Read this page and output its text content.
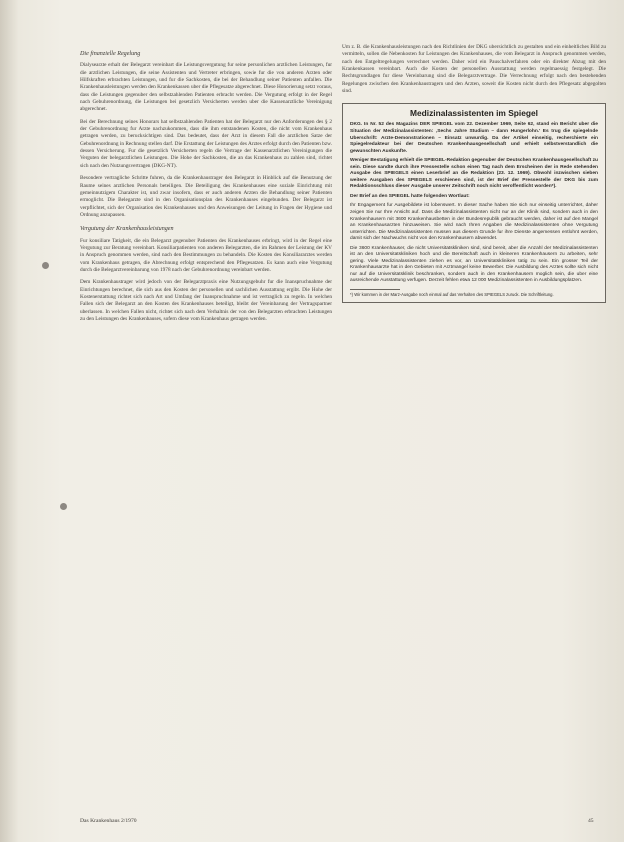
Die finanzielle Regelung

Dialysearzte erhalt der Belegarzt vereinbart die Leistungsvergutung fur seine personlichen arztlichen Leistungen, fur die arztlichen Leistungen, die seine Assistenten und Vertreter erbringen, sowie fur die von anderen Arzten oder Hilfskraften erbrachten Leistungen, und fur die Sachkosten, die bei der Behandlung seiner Patienten anfallen. Die Krankenhausleistungen werden den Krankenkassen uber die Pflegesatze abgerechnet. Diese Honorierung setzt voraus, dass die Leistungen gegenuber den selbstzahlenden Patienten erbracht werden. Die Vergutung erfolgt in der Regel nach Gebuhrenordnung, die Leistungen bei gesetzlich Versicherten werden uber die Kassenarztliche Vereinigung abgerechnet.

Bei der Berechnung seines Honorars hat selbstzahlenden Patienten hat der Belegarzt nur den Anforderungen des § 2 der Gebuhrenordnung fur Arzte nachzukommen, dass die ihm entstandenen Kosten, die nicht vom Krankenhaus getragen werden, zu berucksichtigen sind. Das bedeutet, dass der Arzt in diesem Fall die arztlichen Satze der Gebuhrenordnung in Rechnung stellen darf. Die Erstattung der Leistungen des Arztes erfolgt durch den Patienten bzw. dessen Versicherung. Fur die gesetzlich Versicherten regeln die Vertrage der Kassenarztlichen Vereinigungen die Verguten der belegarztlichen Leistungen. Die Hohe der Sachkosten, die an das Krankenhaus zu zahlen sind, richtet sich nach den Nutzungsvertragen (DKG-NT).

Besondere vertragliche Schritte fuhren, da die Krankenhaustrager den Belegarzt in Hinblick auf die Benutzung der Raume seines arztlichen Personals beteiligen. Die Beteiligung des Krankenhauses eine soziale Einrichtung mit gemeinnutzigem Charakter ist, und zwar insofern, dass er auch anderen Arzten die Behandlung seiner Patienten ermoglicht. Die Belegarzte sind in den Organisationsplan des Krankenhauses eingebunden. Der Belegarzt ist verpflichtet, sich der Organisation des Krankenhauses und den Anweisungen der Leitung in Fragen der Hygiene und Ordnung anzupassen.

Vergutung der Krankenhausleistungen

Fur konsiliare Tatigkeit, die ein Belegarzt gegenuber Patienten des Krankenhauses erbringt, wird in der Regel eine Vergutung zur Beratung vereinbart. Konsiliarpatienten von anderen Belegarzten, die im Rahmen der Leistung der KV in Anspruch genommen werden, sind nach den Bestimmungen zu behandeln. Die Kosten des Konsiliararztes werden vom Krankenhaus getragen, die Abrechnung erfolgt entsprechend den Pflegesatzen. Es kann auch eine Vergutung durch die Belegarztvereinbarung von 1978 nach der Gebuhrenordnung vereinbart werden.

Dem Krankenhaustrager wird jedoch von der Belegarztpraxis eine Nutzungsgebuhr fur die Inanspruchnahme der Einrichtungen berechnet, die sich aus den Kosten der personellen und sachlichen Ausstattung ergibt. Die Hohe der Kostenerstattung richtet sich nach Art und Umfang der Inanspruchnahme und ist vertraglich zu regeln. In welchen Fallen sich der Belegarzt an den Kosten des Krankenhauses beteiligt, bleibt der Vereinbarung der Vertragspartner uberlassen. In welchen Fallen nicht, richtet sich nach dem Verhaltnis der von den Belegarzten erbrachten Leistungen zu den Leistungen des Krankenhauses, sofern diese vom Krankenhaus getragen werden.

Um z. B. die Krankenhausleistungen nach den Richtlinien der DKG ubersichtlich zu gestalten und ein einheitliches Bild zu vermitteln, sollen die Nebenkosten fur Leistungen des Krankenhauses, die vom Belegarzt in Anspruch genommen werden, nach den Entgeltregelungen verrechnet werden. Daher wird ein Pauschalverfahren oder ein direkter Abzug mit den Krankenkassen vereinbart. Auch die Kosten der personellen Ausstattung werden regelmaessig festgelegt. Die Rechtsgrundlagen fur diese Vereinbarung sind die Belegarztvertrage. Die Verrechnung erfolgt nach den bestehenden Regelungen zwischen den Krankenhaustragern und den Arzten, soweit die Kosten nicht durch den Pflegesatz abgegolten sind.

Medizinalassistenten im Spiegel

DKG. In Nr. 52 des Magazins DER SPIEGEL vom 22. Dezember 1969, Seite 62, stand ein Bericht uber die Situation der Medizinalassistenten: ‚Sechs Jahre Studium – dann Hungerlohn.' Es trug die spiegelnde Uberschrift: Arzte-Demonstrationen – Einsatz unwurdig. Da der Artikel einseitig, recherchierte ein Spiegelredakteur bei der Deutschen Krankenhausgesellschaft und erhielt selbstverstandlich die gewunschten Auskunfte.

Weniger Bestatigung erhielt die SPIEGEL-Redaktion gegenuber der Deutschen Krankenhausgesellschaft zu sein. Diese sandte durch ihre Pressestelle schon einen Tag nach dem Erscheinen der in Rede stehenden Ausgabe des SPIEGELS einen Leserbrief an die Redaktion (23. 12. 1969). Obwohl inzwischen sieben weitere Ausgaben des SPIEGELS erschienen sind, ist der Brief der Pressestelle der DKG bis zum Redaktionsschluss dieser Ausgabe unserer Zeitschrift noch nicht veroffentlicht worden*).

Der Brief an den SPIEGEL hatte folgenden Wortlaut:

Ihr Engagement fur Ausgebildete ist lobenswert. In dieser Sache haben Sie sich nur einseitig unterrichtet, daher zeigen Sie nur Ihre Ansicht auf. Dass die Medizinalassistenten nicht nur an der Klinik sind, sondern auch in den Krankenhausern mit 3600 Krankenhausbetten in der Bundesrepublik gebraucht werden, daher ist auf den Mangel an Krankenhausarzten hinzuweisen. Sie wird nach Ihren Angaben die Medizinalassistenten ohne Vergutung unterrichten. Die Medizinalassistenten mussen aus diesem Grunde fur ihre Dienste angemessen entlohnt werden, damit sich der Nachwuchs nicht von den Krankenhausern abwendet.

Die 3600 Krankenhauser, die nicht Universitatskliniken sind, sind bereit, aber die Anzahl der Medizinalassistenten ist an den Universitatskliniken hoch und die Bereitschaft auch in kleineren Krankenhausern zu arbeiten, sehr gering. Viele Medizinalassistenten ziehen es vor, an Universitatskliniken tatig zu sein. Ein grosser Teil der Krankenhausarzte hat in den Gebieten mit Arztmangel keine Bewerber. Die Ausbildung des Arztes sollte sich nicht nur auf die Universitatsklinik beschranken, sondern auch in den Krankenhausern moglich sein, die uber eine ausreichende Ausstattung verfugen. Derzeit fehlen etwa 12 000 Medizinalassistenten in Ausbildungsplatzen.

*) Wir kommen in der Marz-Ausgabe noch einmal auf das Verhalten des SPIEGELS zuruck. Die Schriftleitung.

Das Krankenhaus 2/1970	45
